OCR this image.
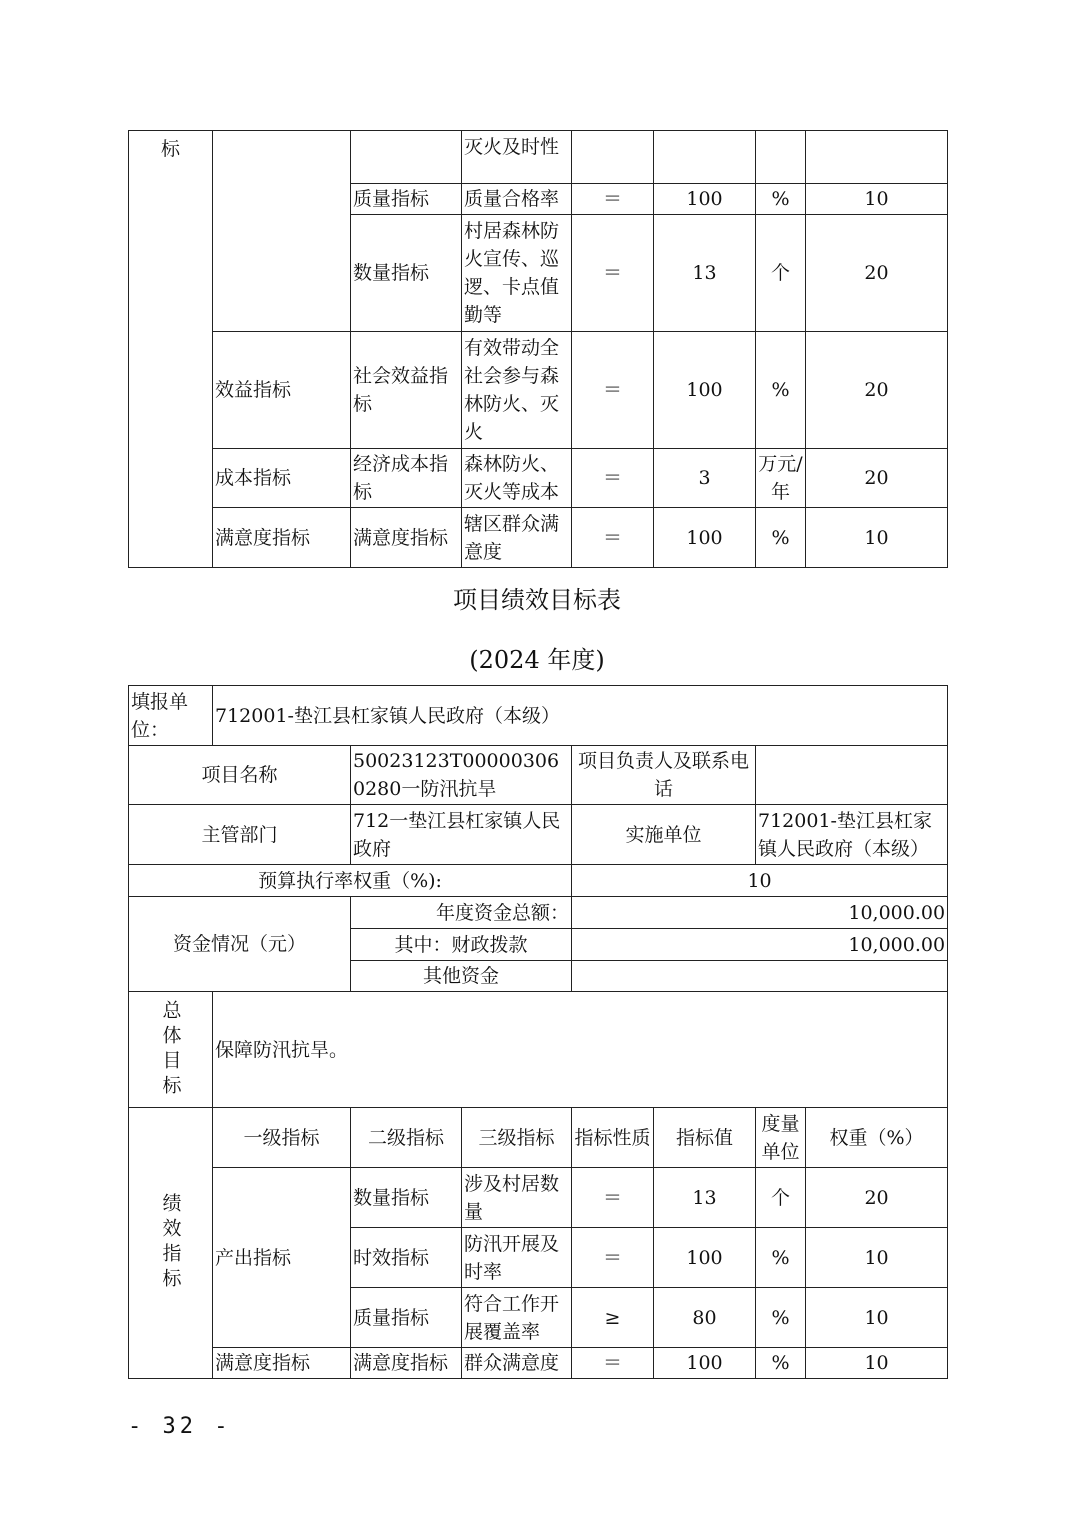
标			灭火及时性				
		质量指标	质量合格率	＝	100	%	10
		数量指标	村居森林防火宣传、巡逻、卡点值勤等	＝	13	个	20
	效益指标	社会效益指标	有效带动全社会参与森林防火、灭火	＝	100	%	20
	成本指标	经济成本指标	森林防火、灭火等成本	＝	3	万元/年	20
	满意度指标	满意度指标	辖区群众满意度	＝	100	%	10
项目绩效目标表
(2024 年度)
填报单位：	712001-垫江县杠家镇人民政府（本级）						
项目名称		50023123T000003060280一防汛抗旱		项目负责人及联系电话			
主管部门		712一垫江县杠家镇人民政府		实施单位		712001-垫江县杠家镇人民政府（本级）	
预算执行率权重（%):				10			
资金情况（元）		年度资金总额：		10,000.00			
		其中：财政拨款		10,000.00			
		其他资金					
总体目标	保障防汛抗旱。						
绩效指标	一级指标	二级指标	三级指标	指标性质	指标值	度量单位	权重（%）
	产出指标	数量指标	涉及村居数量	＝	13	个	20
		时效指标	防汛开展及时率	＝	100	%	10
		质量指标	符合工作开展覆盖率	≥	80	%	10
	满意度指标	满意度指标	群众满意度	＝	100	%	10
- 32 -
